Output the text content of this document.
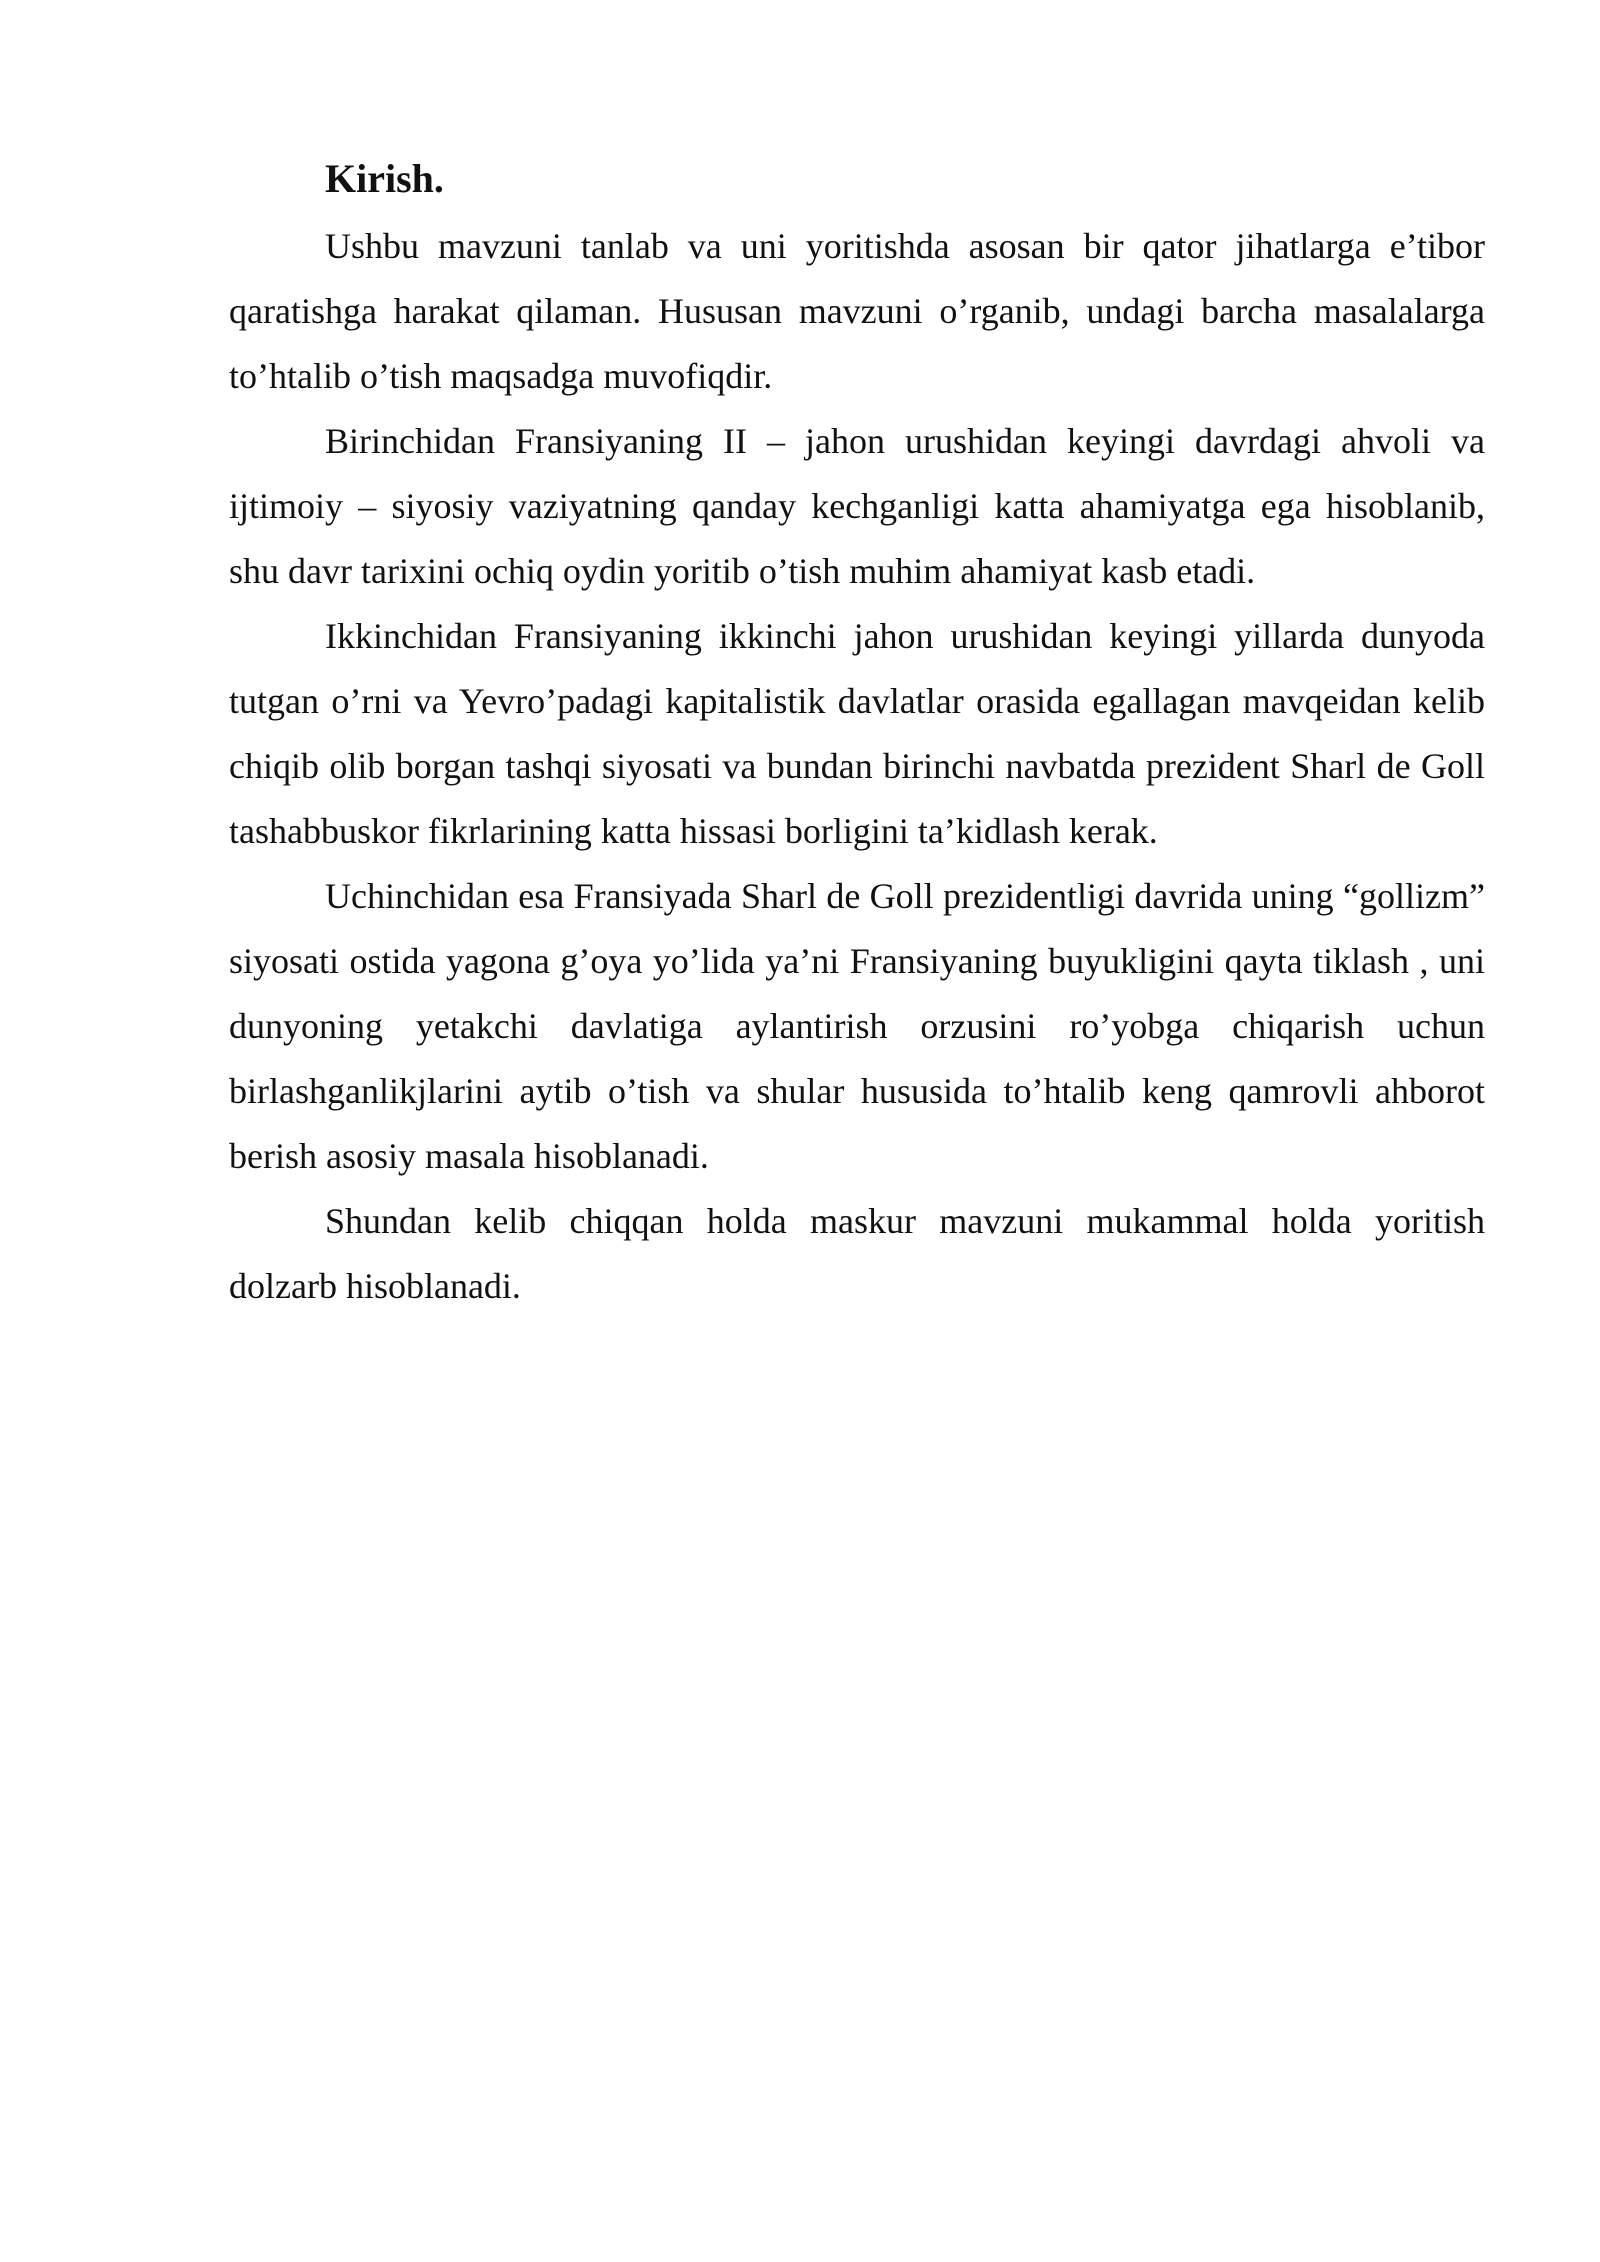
Kirish.

Ushbu mavzuni tanlab va uni yoritishda asosan bir qator jihatlarga e’tibor qaratishga harakat qilaman. Hususan mavzuni o’rganib, undagi barcha masalalarga to’htalib o’tish maqsadga muvofiqdir.

Birinchidan Fransiyaning II – jahon urushidan keyingi davrdagi ahvoli va ijtimoiy – siyosiy vaziyatning qanday kechganligi katta ahamiyatga ega hisoblanib, shu davr tarixini ochiq oydin yoritib o’tish muhim ahamiyat kasb etadi.

Ikkinchidan Fransiyaning ikkinchi jahon urushidan keyingi yillarda dunyoda tutgan o’rni va Yevro’padagi kapitalistik davlatlar orasida egallagan mavqeidan kelib chiqib olib borgan tashqi siyosati va bundan birinchi navbatda prezident Sharl de Goll tashabbuskor fikrlarining katta hissasi borligini ta’kidlash kerak.

Uchinchidan esa Fransiyada Sharl de Goll prezidentligi davrida uning “gollizm” siyosati ostida yagona g’oya yo’lida ya’ni Fransiyaning buyukligini qayta tiklash , uni dunyoning yetakchi davlatiga aylantirish orzusini ro’yobga chiqarish uchun birlashganlikjlarini aytib o’tish va shular hususida to’htalib keng qamrovli ahborot berish asosiy masala hisoblanadi.

Shundan kelib chiqqan holda maskur mavzuni mukammal holda yoritish dolzarb hisoblanadi.
